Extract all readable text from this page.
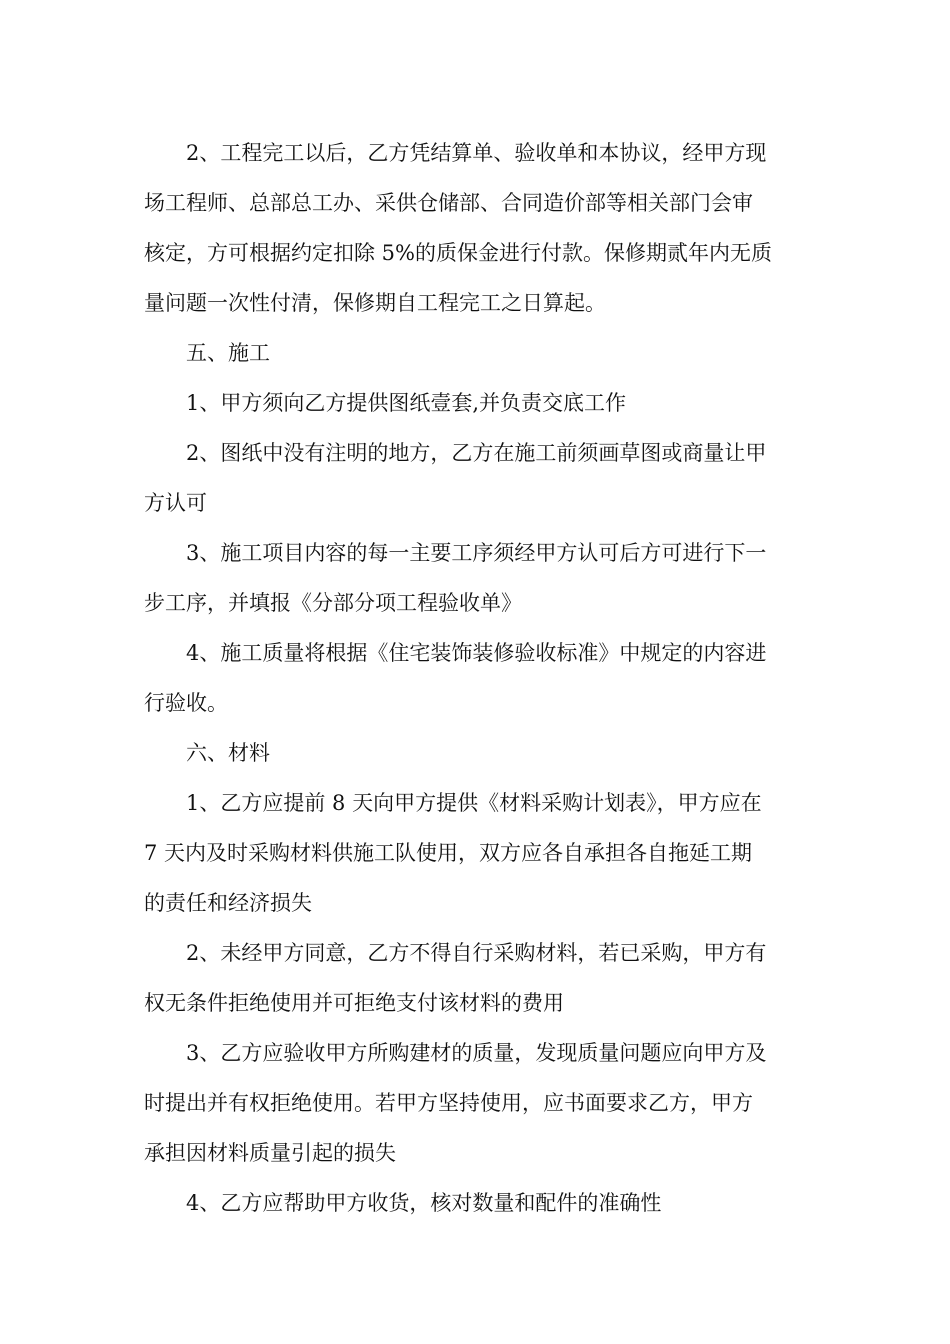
2、工程完工以后，乙方凭结算单、验收单和本协议，经甲方现
场工程师、总部总工办、采供仓储部、合同造价部等相关部门会审
核定，方可根据约定扣除 5%的质保金进行付款。保修期贰年内无质
量问题一次性付清，保修期自工程完工之日算起。
五、施工
1、甲方须向乙方提供图纸壹套,并负责交底工作
2、图纸中没有注明的地方，乙方在施工前须画草图或商量让甲
方认可
3、施工项目内容的每一主要工序须经甲方认可后方可进行下一
步工序，并填报《分部分项工程验收单》
4、施工质量将根据《住宅装饰装修验收标准》中规定的内容进
行验收。
六、材料
1、乙方应提前 8 天向甲方提供《材料采购计划表》，甲方应在
7 天内及时采购材料供施工队使用，双方应各自承担各自拖延工期
的责任和经济损失
2、未经甲方同意，乙方不得自行采购材料，若已采购，甲方有
权无条件拒绝使用并可拒绝支付该材料的费用
3、乙方应验收甲方所购建材的质量，发现质量问题应向甲方及
时提出并有权拒绝使用。若甲方坚持使用，应书面要求乙方，甲方
承担因材料质量引起的损失
4、乙方应帮助甲方收货，核对数量和配件的准确性
